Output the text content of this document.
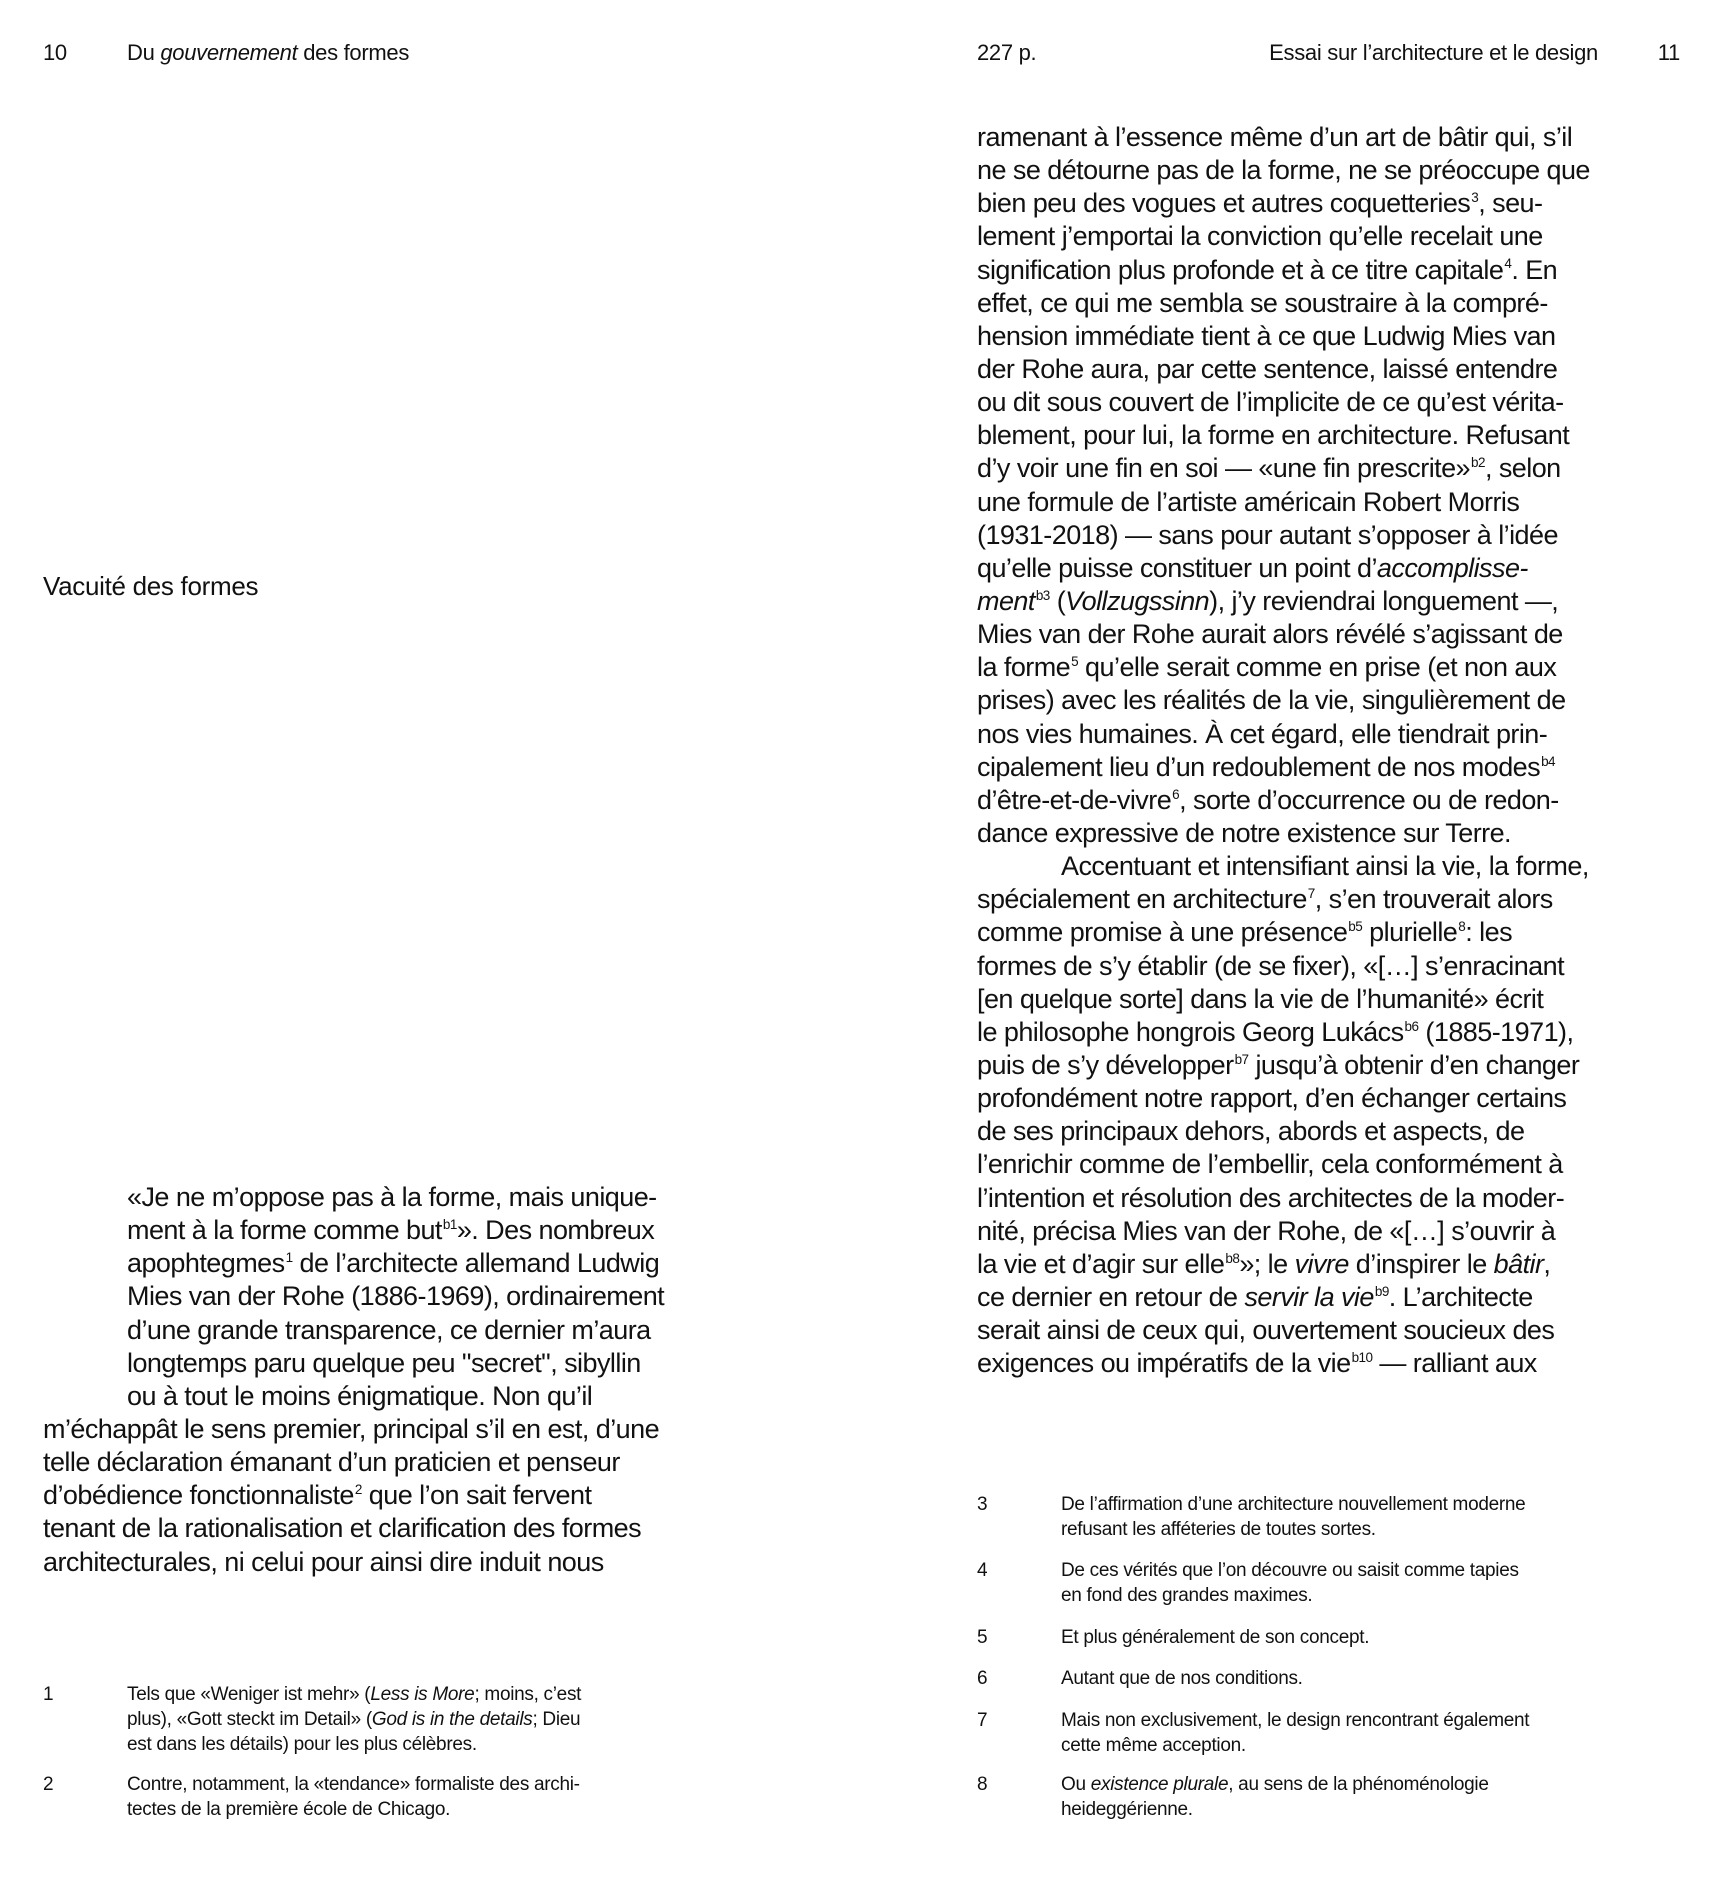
10	Du gouvernement des formes
Vacuité des formes
«Je ne m’oppose pas à la forme, mais unique-
ment à la forme comme but$^{b1}$». Des nombreux
apophtegmes$^1$ de l’architecte allemand Ludwig
Mies van der Rohe (1886-1969), ordinairement
d’une grande transparence, ce dernier m’aura
longtemps paru quelque peu "secret", sibyllin
ou à tout le moins énigmatique. Non qu’il
m’échappât le sens premier, principal s’il en est, d’une
telle déclaration émanant d’un praticien et penseur
d’obédience fonctionnaliste$^2$ que l’on sait fervent
tenant de la rationalisation et clarification des formes
architecturales, ni celui pour ainsi dire induit nous
1	Tels que «Weniger ist mehr» (Less is More; moins, c’est
plus), «Gott steckt im Detail» (God is in the details; Dieu
est dans les détails) pour les plus célèbres.
2	Contre, notamment, la «tendance» formaliste des archi-
tectes de la première école de Chicago.
227 p.	Essai sur l’architecture et le design	11
ramenant à l’essence même d’un art de bâtir qui, s’il
ne se détourne pas de la forme, ne se préoccupe que
bien peu des vogues et autres coquetteries$^3$, seu-
lement j’emportai la conviction qu’elle recelait une
signification plus profonde et à ce titre capitale$^4$. En
effet, ce qui me sembla se soustraire à la compré-
hension immédiate tient à ce que Ludwig Mies van
der Rohe aura, par cette sentence, laissé entendre
ou dit sous couvert de l’implicite de ce qu’est vérita-
blement, pour lui, la forme en architecture. Refusant
d’y voir une fin en soi — «une fin prescrite»$^{b2}$, selon
une formule de l’artiste américain Robert Morris
(1931-2018) — sans pour autant s’opposer à l’idée
qu’elle puisse constituer un point d’accomplisse-
ment$^{b3}$ (Vollzugssinn), j’y reviendrai longuement —,
Mies van der Rohe aurait alors révélé s’agissant de
la forme$^5$ qu’elle serait comme en prise (et non aux
prises) avec les réalités de la vie, singulièrement de
nos vies humaines. À cet égard, elle tiendrait prin-
cipalement lieu d’un redoublement de nos modes$^{b4}$
d’être-et-de-vivre$^6$, sorte d’occurrence ou de redon-
dance expressive de notre existence sur Terre.
Accentuant et intensifiant ainsi la vie, la forme,
spécialement en architecture$^7$, s’en trouverait alors
comme promise à une présence$^{b5}$ plurielle$^8$: les
formes de s’y établir (de se fixer), «[…] s’enracinant
[en quelque sorte] dans la vie de l’humanité» écrit
le philosophe hongrois Georg Lukács$^{b6}$ (1885-1971),
puis de s’y développer$^{b7}$ jusqu’à obtenir d’en changer
profondément notre rapport, d’en échanger certains
de ses principaux dehors, abords et aspects, de
l’enrichir comme de l’embellir, cela conformément à
l’intention et résolution des architectes de la moder-
nité, précisa Mies van der Rohe, de «[…] s’ouvrir à
la vie et d’agir sur elle$^{b8}$»; le vivre d’inspirer le bâtir,
ce dernier en retour de servir la vie$^{b9}$. L’architecte
serait ainsi de ceux qui, ouvertement soucieux des
exigences ou impératifs de la vie$^{b10}$ — ralliant aux
3	De l’affirmation d’une architecture nouvellement moderne
refusant les afféteries de toutes sortes.
4	De ces vérités que l’on découvre ou saisit comme tapies
en fond des grandes maximes.
5	Et plus généralement de son concept.
6	Autant que de nos conditions.
7	Mais non exclusivement, le design rencontrant également
cette même acception.
8	Ou existence plurale, au sens de la phénoménologie
heideggérienne.
